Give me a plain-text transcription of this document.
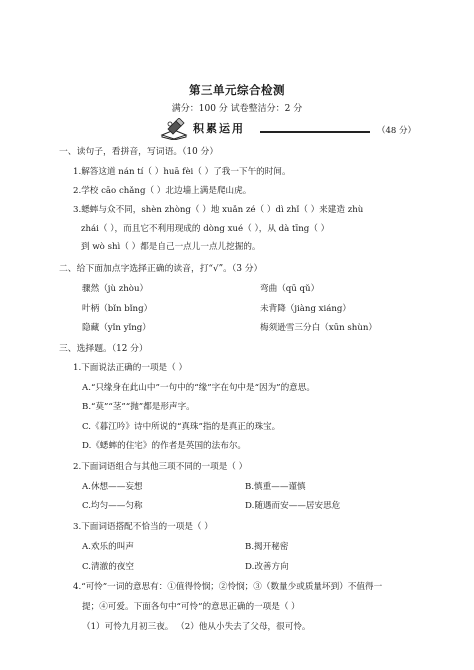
第三单元综合检测
满分：100 分 试卷整洁分：2 分
积累运用	（48 分）
一、读句子，看拼音，写词语。（10 分）
1.解答这道 nán tí（ ）huā fèi（ ）了我一下午的时间。
2.学校 cāo chǎng（ ）北边墙上满是爬山虎。
3.蟋蟀与众不同，shèn zhòng（ ）地 xuǎn zé（ ）dì zhǐ（ ）来建造 zhù
zhái（ ），而且它不利用现成的 dòng xué（ ），从 dà tīng（ ）
到 wò shì（ ）都是自己一点儿一点儿挖掘的。
二、给下面加点字选择正确的读音，打“√”。（3 分）
骤然（jù zhòu）	弯曲（qū qǔ）
叶柄（bǐn bǐng）	未背降（jiàng xiáng）
隐藏（yǐn yǐng）	梅须逊雪三分白（xūn shùn）
三、选择题。（12 分）
1.下面说法正确的一项是（ ）
A.“只缘身在此山中”一句中的“缘”字在句中是“因为”的意思。
B.“莫”“茎”“抛”都是形声字。
C.《暮江吟》诗中所说的“真珠”指的是真正的珠宝。
D.《蟋蟀的住宅》的作者是英国的法布尔。
2.下面词语组合与其他三项不同的一项是（ ）
A.休想——妄想	B.慎重——谨慎
C.均匀——匀称	D.随遇而安——居安思危
3.下面词语搭配不恰当的一项是（ ）
A.欢乐的叫声	B.揭开秘密
C.清澈的夜空	D.改善方向
4.“可怜”一词的意思有：①值得怜悯；②怜悯；③（数量少或质量坏到）不值得一
提；④可爱。下面各句中“可怜”的意思正确的一项是（ ）
（1）可怜九月初三夜。 （2）他从小失去了父母，很可怜。
